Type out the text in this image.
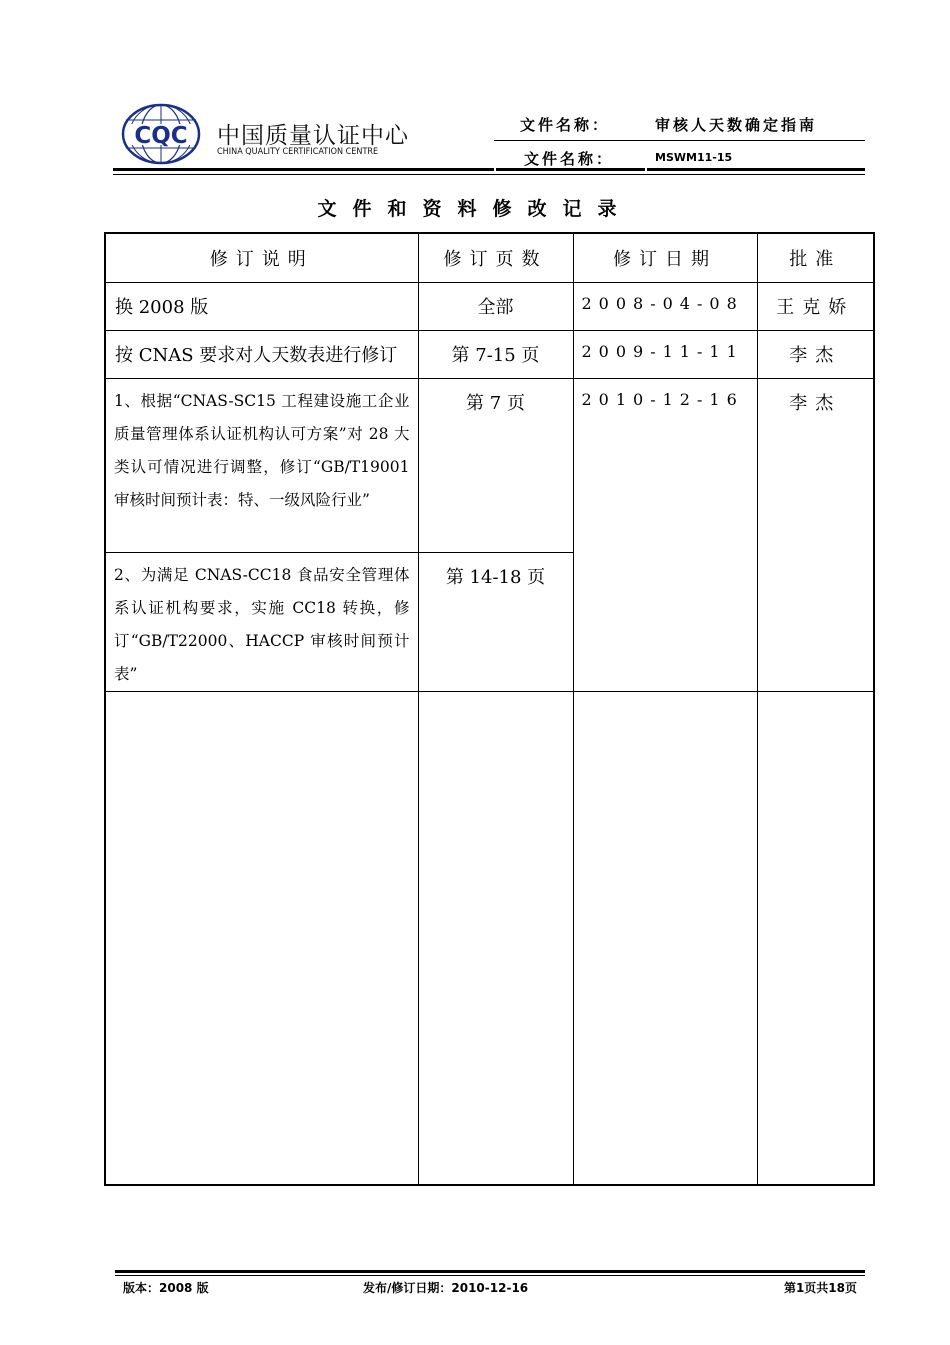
CQC 中国质量认证中心
CHINA QUALITY CERTIFICATION CENTRE
文件名称：	审核人天数确定指南
文件名称：	MSWM11-15
文件和资料修改记录
修订说明	修订页数	修订日期	批准
换 2008 版	全部	2008-04-08	王克娇
按 CNAS 要求对人天数表进行修订	第 7-15 页	2009-11-11	李杰
1、根据“CNAS-SC15 工程建设施工企业质量管理体系认证机构认可方案”对 28 大类认可情况进行调整，修订“GB/T19001 审核时间预计表：特、一级风险行业”	第 7 页	2010-12-16	李杰
2、为满足 CNAS-CC18 食品安全管理体系认证机构要求，实施 CC18 转换，修订“GB/T22000、HACCP 审核时间预计表”	第 14-18 页		

版本：2008 版	发布/修订日期：2010-12-16	第1页共18页
